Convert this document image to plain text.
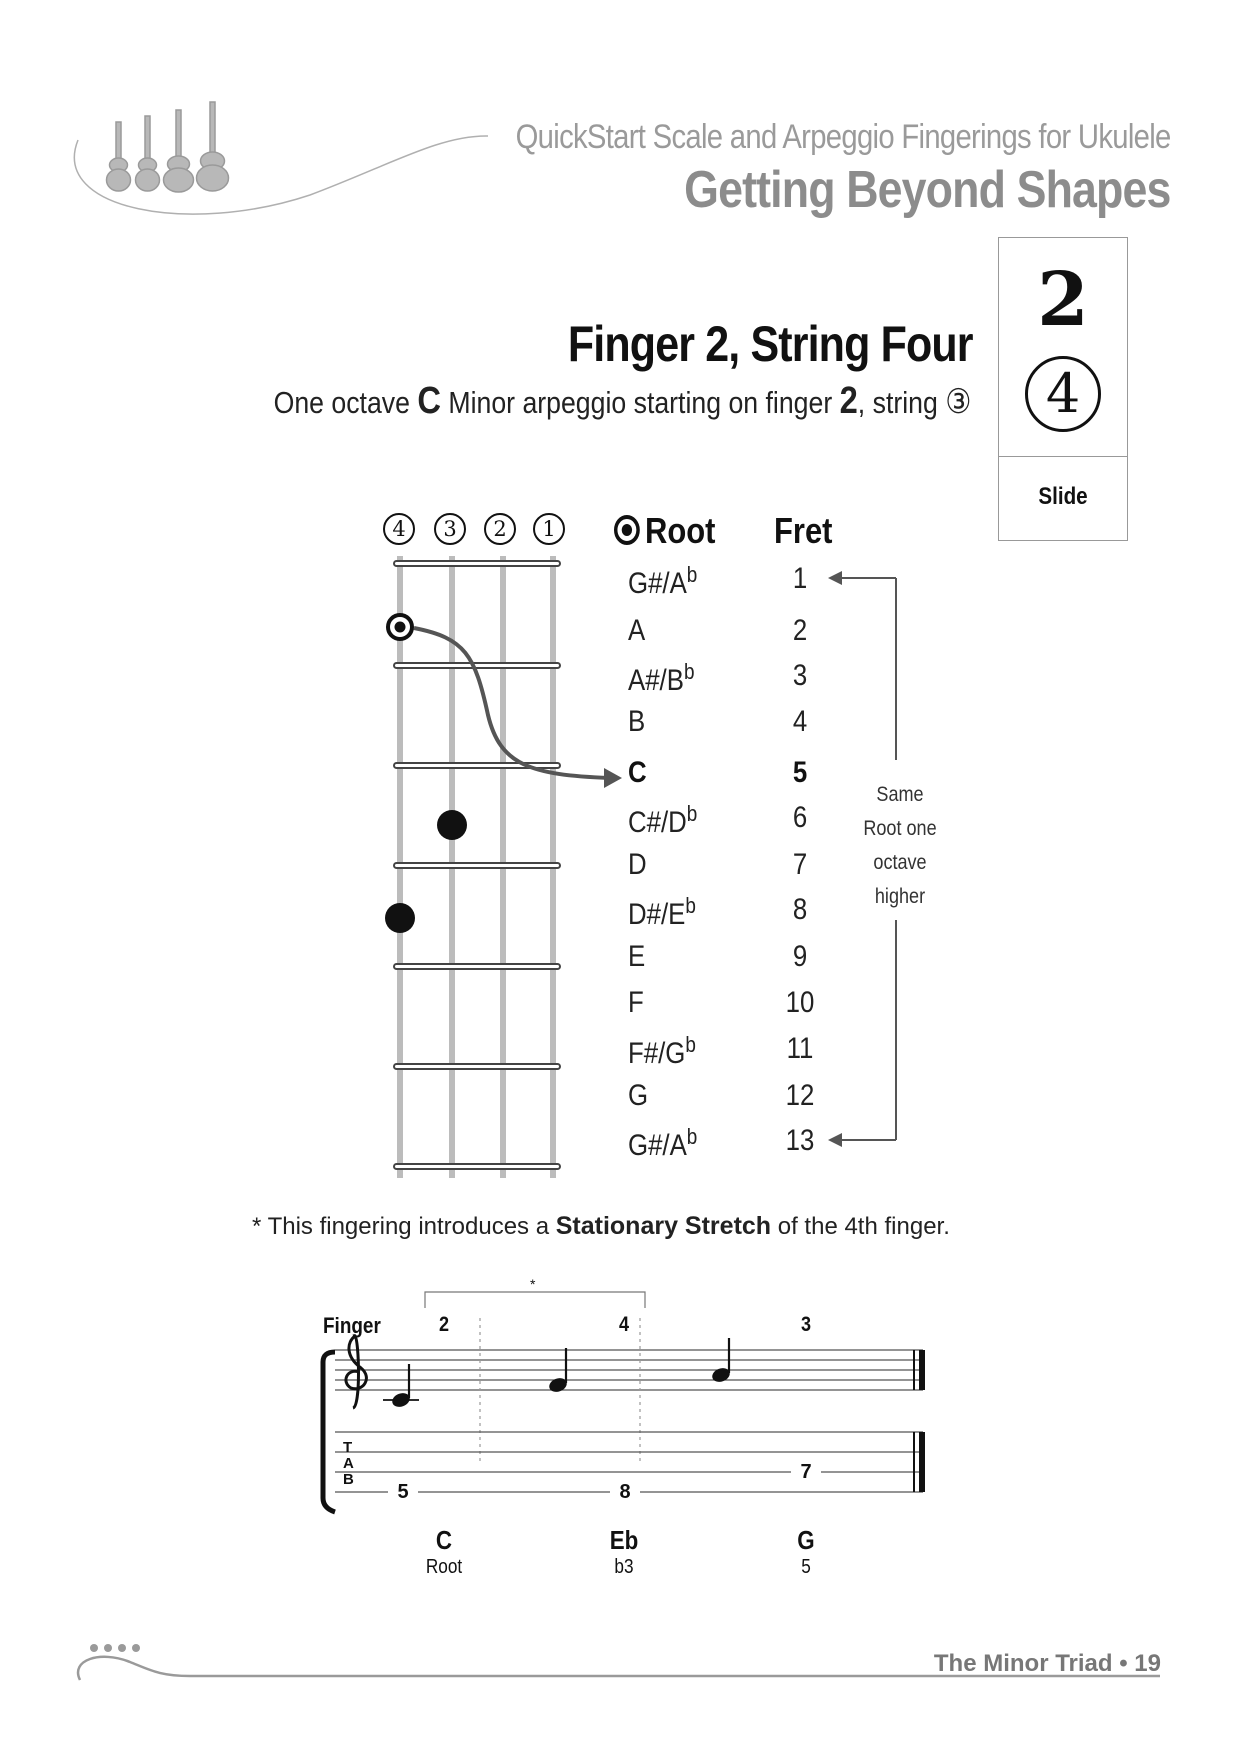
QuickStart Scale and Arpeggio Fingerings for Ukulele
Getting Beyond Shapes
Finger 2, String Four
One octave C Minor arpeggio starting on finger 2, string ③
2
4
Slide
4	3	2	1	Root Fret
$G\#/A^b$	1
A	2
$A\#/B^b$	3
B	4
C	5
$C\#/D^b$	6
D	7
$D\#/E^b$	8
E	9
F	10
$F\#/G^b$	11
G	12
$G\#/A^b$	13
Same
Root one
octave
higher
* This fingering introduces a Stationary Stretch of the 4th finger.
Finger	2	4	3
*
T
A
B
5	8
7
C
Root
Eb
b3
G
5
The Minor Triad • 19
